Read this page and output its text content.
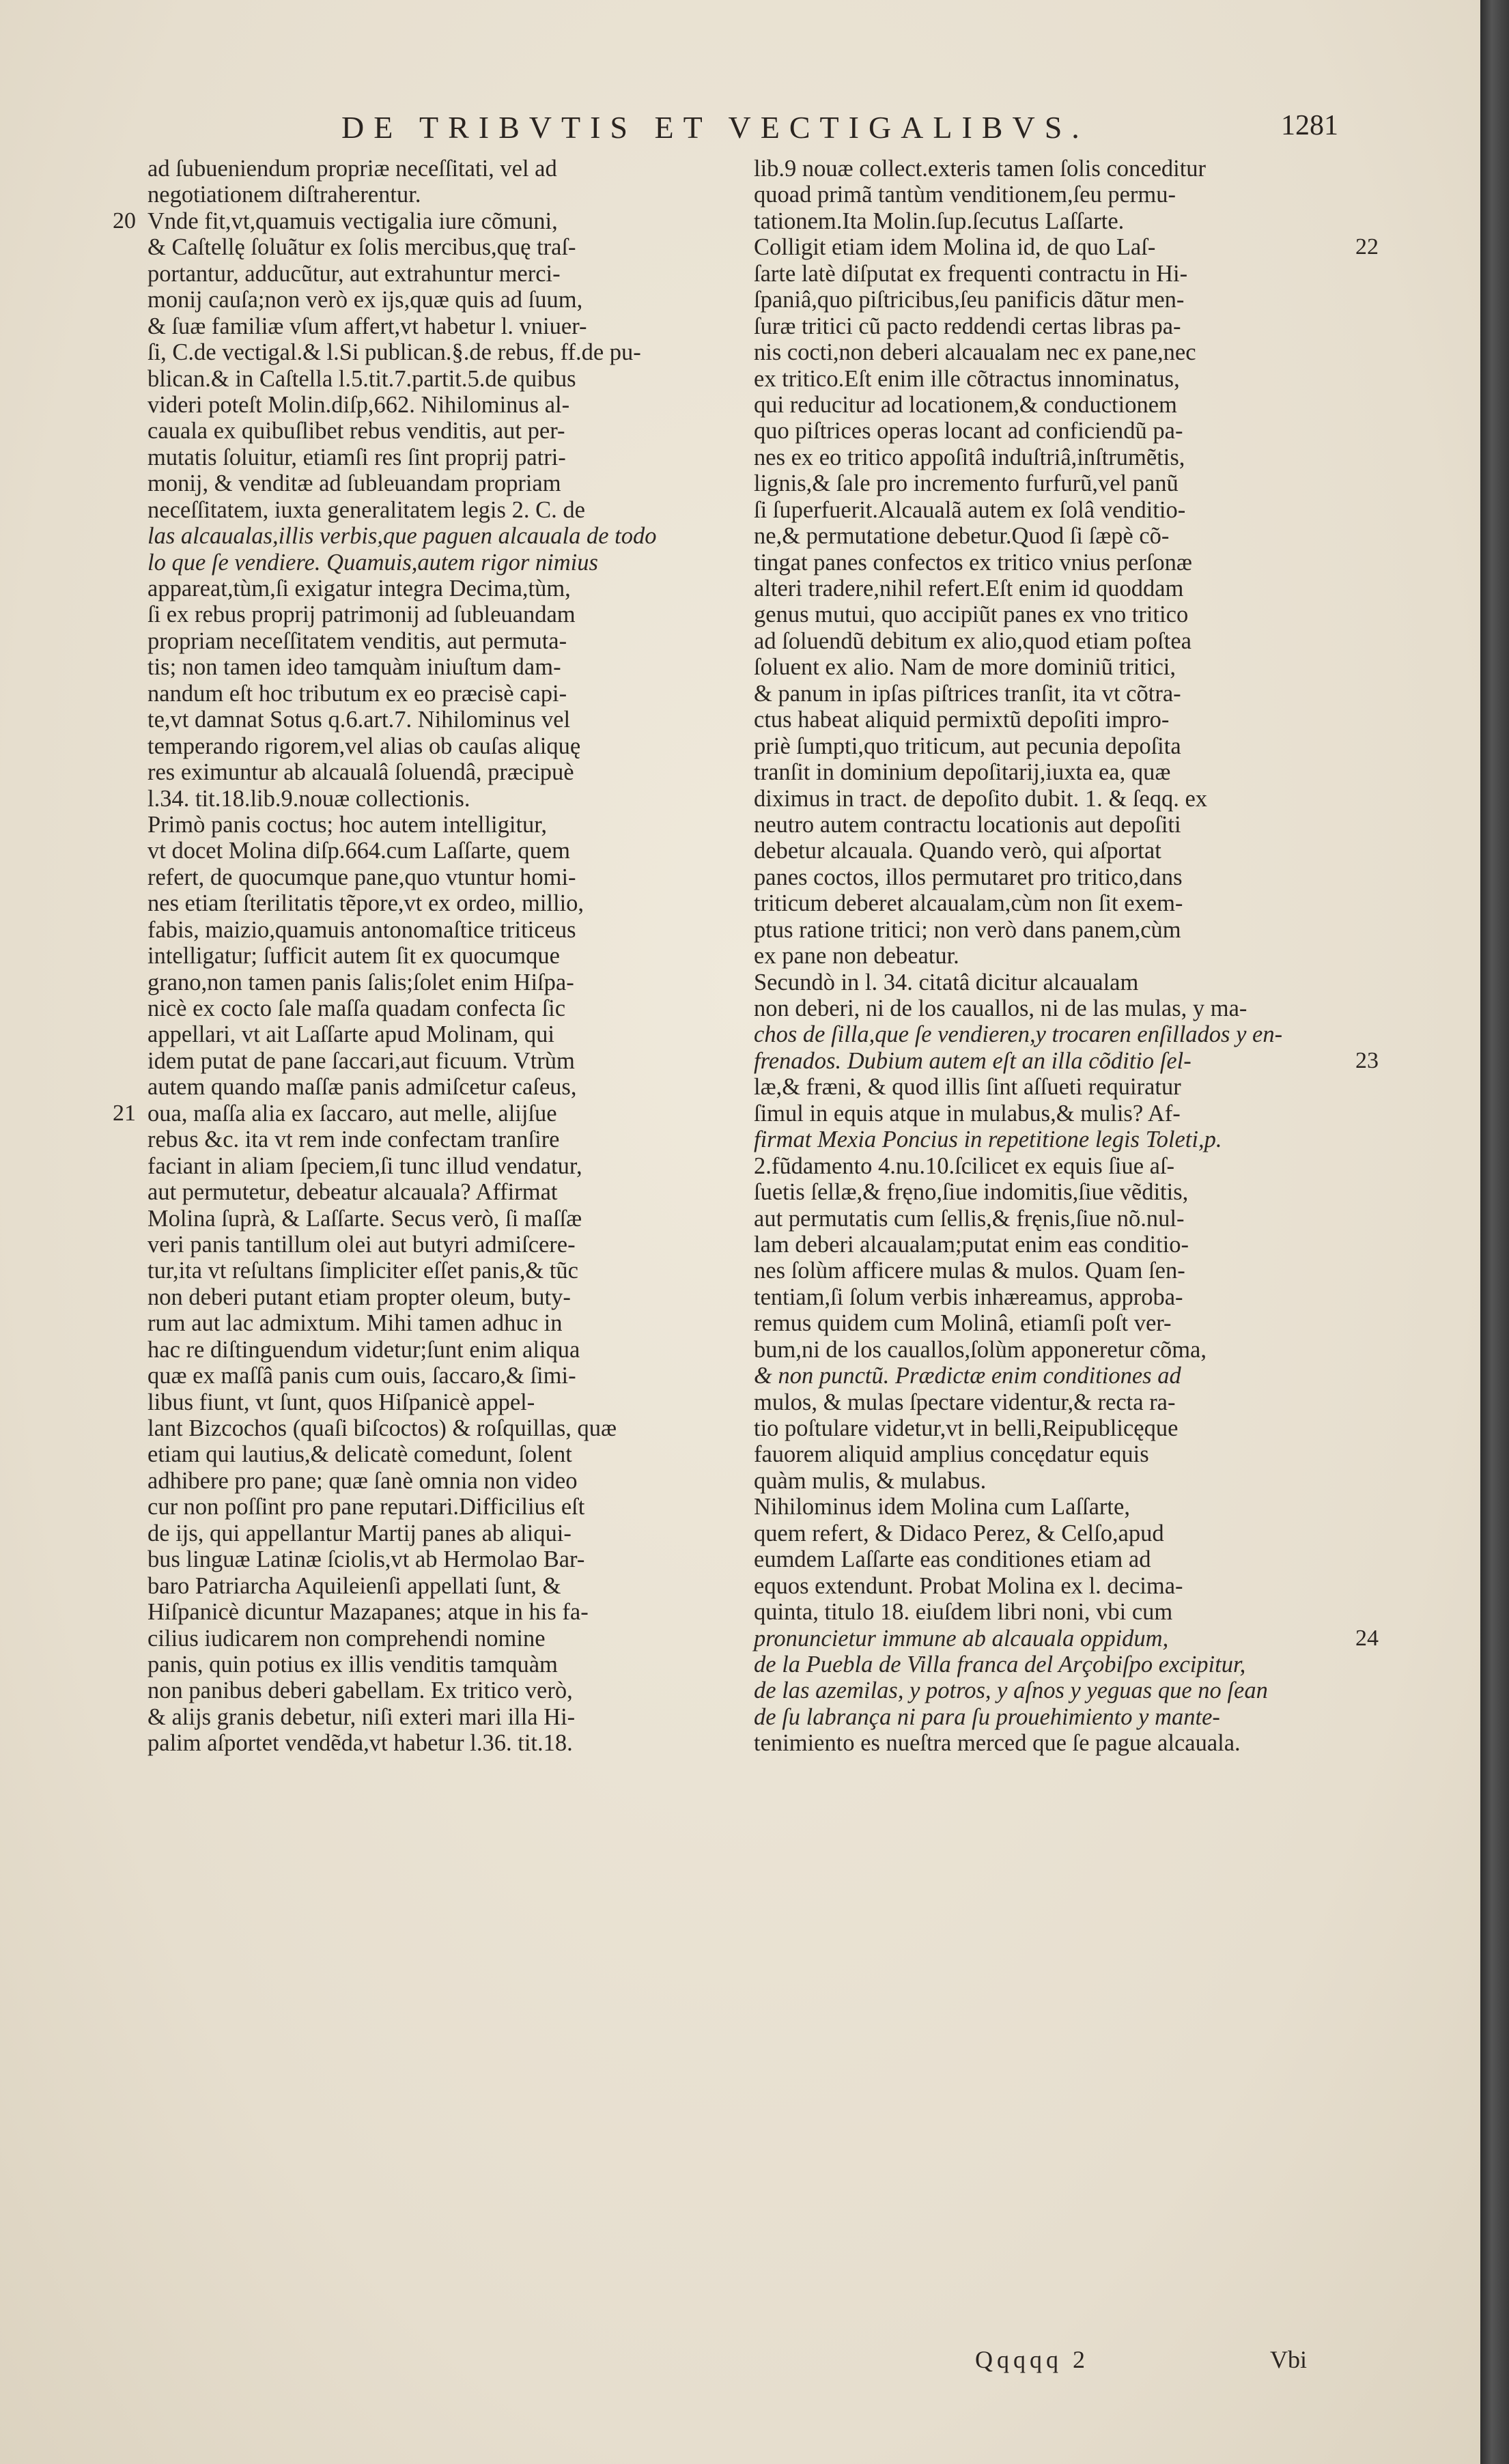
DE TRIBVTIS ET VECTIGALIBVS.	1281
ad ſubueniendum propriæ neceſſitati, vel ad
negotiationem diſtraherentur.
Vnde fit,vt,quamuis vectigalia iure cõmuni,
& Caſtellę ſoluãtur ex ſolis mercibus,quę traſ-
portantur, adducũtur, aut extrahuntur merci-
monij cauſa;non verò ex ijs,quæ quis ad ſuum,
& ſuæ familiæ vſum affert,vt habetur l. vniuer-
ſi, C.de vectigal.& l.Si publican.§.de rebus, ff.de pu-
blican.& in Caſtella l.5.tit.7.partit.5.de quibus
videri poteſt Molin.diſp,662. Nihilominus al-
cauala ex quibuſlibet rebus venditis, aut per-
mutatis ſoluitur, etiamſi res ſint proprij patri-
monij, & venditæ ad ſubleuandam propriam
neceſſitatem, iuxta generalitatem legis 2. C. de
las alcaualas,illis verbis,que paguen alcauala de todo
lo que ſe vendiere. Quamuis,autem rigor nimius
appareat,tùm,ſi exigatur integra Decima,tùm,
ſi ex rebus proprij patrimonij ad ſubleuandam
propriam neceſſitatem venditis, aut permuta-
tis; non tamen ideo tamquàm iniuſtum dam-
nandum eſt hoc tributum ex eo præcisè capi-
te,vt damnat Sotus q.6.art.7. Nihilominus vel
temperando rigorem,vel alias ob cauſas aliquę
res eximuntur ab alcaualâ ſoluendâ, præcipuè
l.34. tit.18.lib.9.nouæ collectionis.
Primò panis coctus; hoc autem intelligitur,
vt docet Molina diſp.664.cum Laſſarte, quem
refert, de quocumque pane,quo vtuntur homi-
nes etiam ſterilitatis tẽpore,vt ex ordeo, millio,
fabis, maizio,quamuis antonomaſtice triticeus
intelligatur; ſufficit autem ſit ex quocumque
grano,non tamen panis ſalis;ſolet enim Hiſpa-
nicè ex cocto ſale maſſa quadam confecta ſic
appellari, vt ait Laſſarte apud Molinam, qui
idem putat de pane ſaccari,aut ficuum. Vtrùm
autem quando maſſæ panis admiſcetur caſeus,
oua, maſſa alia ex ſaccaro, aut melle, alijſue
rebus &c. ita vt rem inde confectam tranſire
faciant in aliam ſpeciem,ſi tunc illud vendatur,
aut permutetur, debeatur alcauala? Affirmat
Molina ſuprà, & Laſſarte. Secus verò, ſi maſſæ
veri panis tantillum olei aut butyri admiſcere-
tur,ita vt reſultans ſimpliciter eſſet panis,& tũc
non deberi putant etiam propter oleum, buty-
rum aut lac admixtum. Mihi tamen adhuc in
hac re diſtinguendum videtur;ſunt enim aliqua
quæ ex maſſâ panis cum ouis, ſaccaro,& ſimi-
libus fiunt, vt ſunt, quos Hiſpanicè appel-
lant Bizcochos (quaſi biſcoctos) & roſquillas, quæ
etiam qui lautius,& delicatè comedunt, ſolent
adhibere pro pane; quæ ſanè omnia non video
cur non poſſint pro pane reputari.Difficilius eſt
de ijs, qui appellantur Martij panes ab aliqui-
bus linguæ Latinæ ſciolis,vt ab Hermolao Bar-
baro Patriarcha Aquileienſi appellati ſunt, &
Hiſpanicè dicuntur Mazapanes; atque in his fa-
cilius iudicarem non comprehendi nomine
panis, quin potius ex illis venditis tamquàm
non panibus deberi gabellam. Ex tritico verò,
& alijs granis debetur, niſi exteri mari illa Hi-
palim aſportet vendẽda,vt habetur l.36. tit.18.
lib.9 nouæ collect.exteris tamen ſolis conceditur
quoad primã tantùm venditionem,ſeu permu-
tationem.Ita Molin.ſup.ſecutus Laſſarte.
Colligit etiam idem Molina id, de quo Laſ-
ſarte latè diſputat ex frequenti contractu in Hi-
ſpaniâ,quo piſtricibus,ſeu panificis dãtur men-
ſuræ tritici cũ pacto reddendi certas libras pa-
nis cocti,non deberi alcaualam nec ex pane,nec
ex tritico.Eſt enim ille cõtractus innominatus,
qui reducitur ad locationem,& conductionem
quo piſtrices operas locant ad conficiendũ pa-
nes ex eo tritico appoſitâ induſtriâ,inſtrumẽtis,
lignis,& ſale pro incremento furfurũ,vel panũ
ſi ſuperfuerit.Alcaualã autem ex ſolâ venditio-
ne,& permutatione debetur.Quod ſi ſæpè cõ-
tingat panes confectos ex tritico vnius perſonæ
alteri tradere,nihil refert.Eſt enim id quoddam
genus mutui, quo accipiũt panes ex vno tritico
ad ſoluendũ debitum ex alio,quod etiam poſtea
ſoluent ex alio. Nam de more dominiũ tritici,
& panum in ipſas piſtrices tranſit, ita vt cõtra-
ctus habeat aliquid permixtũ depoſiti impro-
priè ſumpti,quo triticum, aut pecunia depoſita
tranſit in dominium depoſitarij,iuxta ea, quæ
diximus in tract. de depoſito dubit. 1. & ſeqq. ex
neutro autem contractu locationis aut depoſiti
debetur alcauala. Quando verò, qui aſportat
panes coctos, illos permutaret pro tritico,dans
triticum deberet alcaualam,cùm non ſit exem-
ptus ratione tritici; non verò dans panem,cùm
ex pane non debeatur.
Secundò in l. 34. citatâ dicitur alcaualam
non deberi, ni de los cauallos, ni de las mulas, y ma-
chos de ſilla,que ſe vendieren,y trocaren enſillados y en-
frenados. Dubium autem eſt an illa cõditio ſel-
læ,& fræni, & quod illis ſint aſſueti requiratur
ſimul in equis atque in mulabus,& mulis? Af-
firmat Mexia Poncius in repetitione legis Toleti,p.
2.fũdamento 4.nu.10.ſcilicet ex equis ſiue aſ-
ſuetis ſellæ,& fręno,ſiue indomitis,ſiue vẽditis,
aut permutatis cum ſellis,& fręnis,ſiue nõ.nul-
lam deberi alcaualam;putat enim eas conditio-
nes ſolùm afficere mulas & mulos. Quam ſen-
tentiam,ſi ſolum verbis inhæreamus, approba-
remus quidem cum Molinâ, etiamſi poſt ver-
bum,ni de los cauallos,ſolùm apponeretur cõma,
& non punctũ. Prædictæ enim conditiones ad
mulos, & mulas ſpectare videntur,& recta ra-
tio poſtulare videtur,vt in belli,Reipublicęque
fauorem aliquid amplius concędatur equis
quàm mulis, & mulabus.
Nihilominus idem Molina cum Laſſarte,
quem refert, & Didaco Perez, & Celſo,apud
eumdem Laſſarte eas conditiones etiam ad
equos extendunt. Probat Molina ex l. decima-
quinta, titulo 18. eiuſdem libri noni, vbi cum
pronuncietur immune ab alcauala oppidum,
de la Puebla de Villa franca del Arçobiſpo excipitur,
de las azemilas, y potros, y aſnos y yeguas que no ſean
de ſu labrança ni para ſu prouehimiento y mante-
tenimiento es nueſtra merced que ſe pague alcauala.
20
21
22
23
24
Qqqqq 2	Vbi
